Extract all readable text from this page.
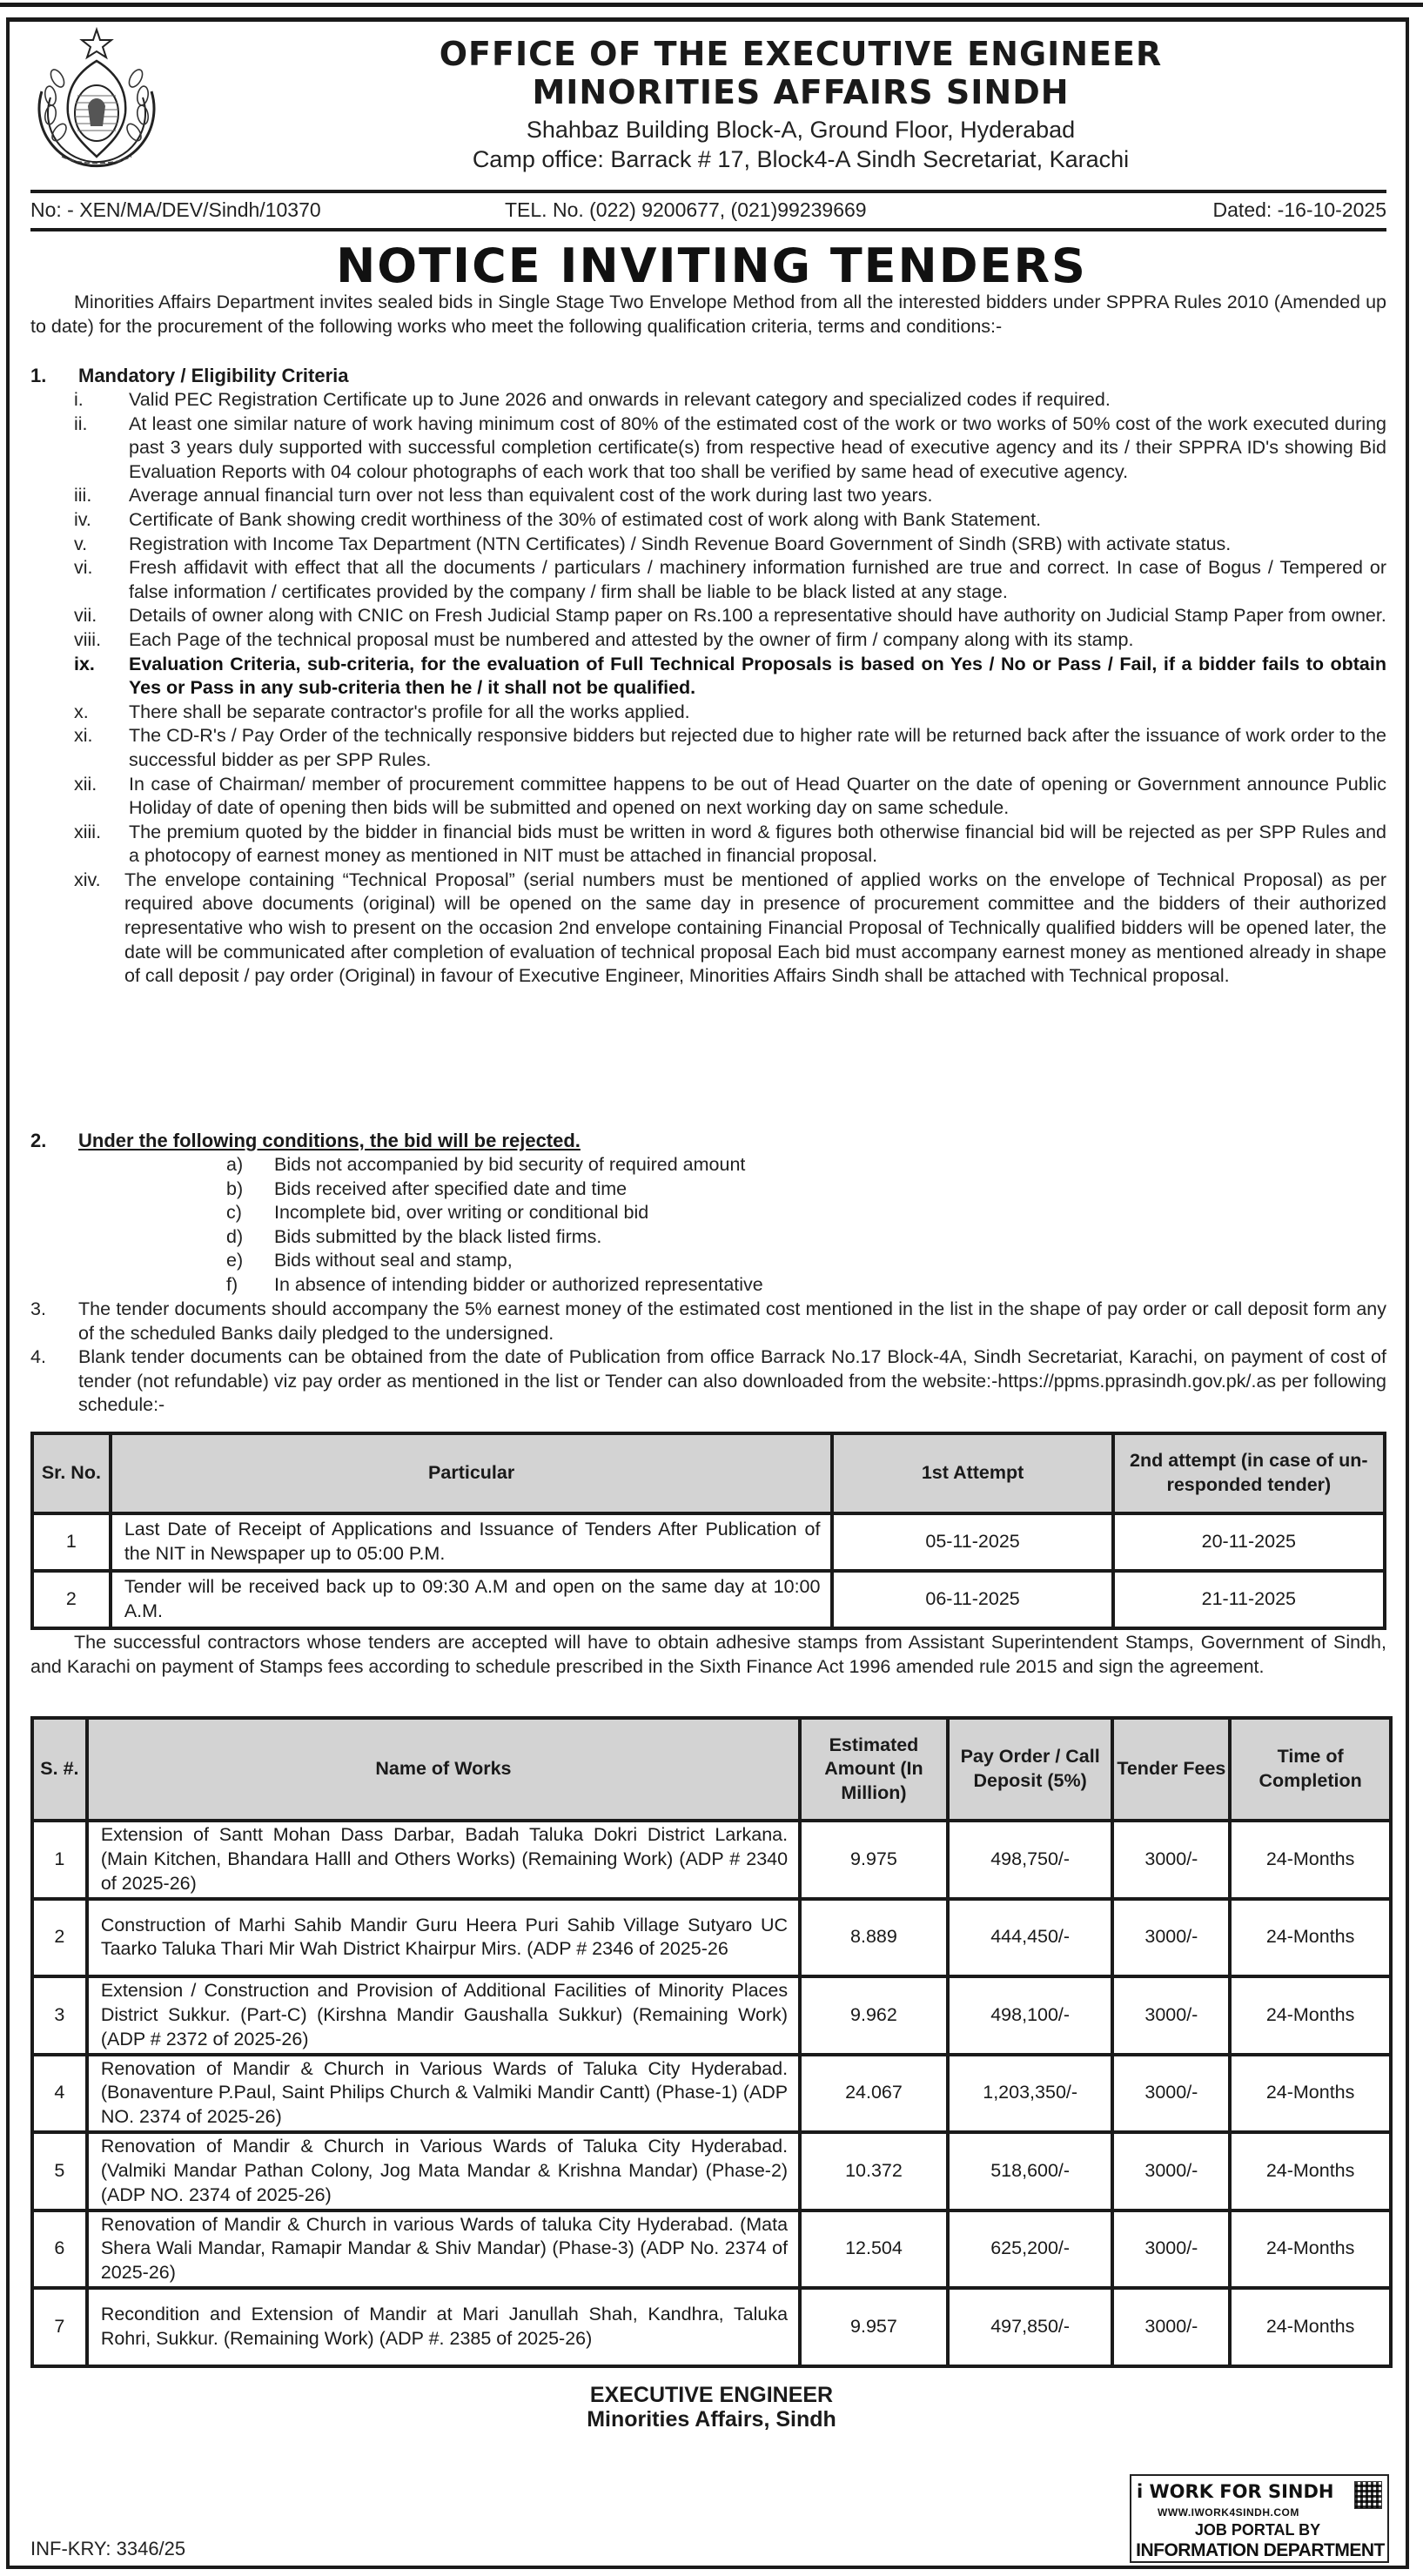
OFFICE OF THE EXECUTIVE ENGINEER
MINORITIES AFFAIRS SINDH
Shahbaz Building Block-A, Ground Floor, Hyderabad
Camp office: Barrack # 17, Block4-A Sindh Secretariat, Karachi
No: - XEN/MA/DEV/Sindh/10370	TEL. No. (022) 9200677, (021)99239669	Dated: -16-10-2025
NOTICE INVITING TENDERS
Minorities Affairs Department invites sealed bids in Single Stage Two Envelope Method from all the interested bidders under SPPRA Rules 2010 (Amended up to date) for the procurement of the following works who meet the following qualification criteria, terms and conditions:-
1. Mandatory / Eligibility Criteria
i. Valid PEC Registration Certificate up to June 2026 and onwards in relevant category and specialized codes if required.
ii. At least one similar nature of work having minimum cost of 80% of the estimated cost of the work or two works of 50% cost of the work executed during past 3 years duly supported with successful completion certificate(s) from respective head of executive agency and its / their SPPRA ID's showing Bid Evaluation Reports with 04 colour photographs of each work that too shall be verified by same head of executive agency.
iii. Average annual financial turn over not less than equivalent cost of the work during last two years.
iv. Certificate of Bank showing credit worthiness of the 30% of estimated cost of work along with Bank Statement.
v. Registration with Income Tax Department (NTN Certificates) / Sindh Revenue Board Government of Sindh (SRB) with activate status.
vi. Fresh affidavit with effect that all the documents / particulars / machinery information furnished are true and correct. In case of Bogus / Tempered or false information / certificates provided by the company / firm shall be liable to be black listed at any stage.
vii. Details of owner along with CNIC on Fresh Judicial Stamp paper on Rs.100 a representative should have authority on Judicial Stamp Paper from owner.
viii. Each Page of the technical proposal must be numbered and attested by the owner of firm / company along with its stamp.
ix. Evaluation Criteria, sub-criteria, for the evaluation of Full Technical Proposals is based on Yes / No or Pass / Fail, if a bidder fails to obtain Yes or Pass in any sub-criteria then he / it shall not be qualified.
x. There shall be separate contractor's profile for all the works applied.
xi. The CD-R's / Pay Order of the technically responsive bidders but rejected due to higher rate will be returned back after the issuance of work order to the successful bidder as per SPP Rules.
xii. In case of Chairman/ member of procurement committee happens to be out of Head Quarter on the date of opening or Government announce Public Holiday of date of opening then bids will be submitted and opened on next working day on same schedule.
xiii. The premium quoted by the bidder in financial bids must be written in word & figures both otherwise financial bid will be rejected as per SPP Rules and a photocopy of earnest money as mentioned in NIT must be attached in financial proposal.
xiv. The envelope containing “Technical Proposal” (serial numbers must be mentioned of applied works on the envelope of Technical Proposal) as per required above documents (original) will be opened on the same day in presence of procurement committee and the bidders of their authorized representative who wish to present on the occasion 2nd envelope containing Financial Proposal of Technically qualified bidders will be opened later, the date will be communicated after completion of evaluation of technical proposal Each bid must accompany earnest money as mentioned already in shape of call deposit / pay order (Original) in favour of Executive Engineer, Minorities Affairs Sindh shall be attached with Technical proposal.
2. Under the following conditions, the bid will be rejected.
a) Bids not accompanied by bid security of required amount
b) Bids received after specified date and time
c) Incomplete bid, over writing or conditional bid
d) Bids submitted by the black listed firms.
e) Bids without seal and stamp,
f) In absence of intending bidder or authorized representative
3. The tender documents should accompany the 5% earnest money of the estimated cost mentioned in the list in the shape of pay order or call deposit form any of the scheduled Banks daily pledged to the undersigned.
4. Blank tender documents can be obtained from the date of Publication from office Barrack No.17 Block-4A, Sindh Secretariat, Karachi, on payment of cost of tender (not refundable) viz pay order as mentioned in the list or Tender can also downloaded from the website:-https://ppms.pprasindh.gov.pk/.as per following schedule:-
Sr. No.	Particular	1st Attempt	2nd attempt (in case of un-responded tender)
1	Last Date of Receipt of Applications and Issuance of Tenders After Publication of the NIT in Newspaper up to 05:00 P.M.	05-11-2025	20-11-2025
2	Tender will be received back up to 09:30 A.M and open on the same day at 10:00 A.M.	06-11-2025	21-11-2025
The successful contractors whose tenders are accepted will have to obtain adhesive stamps from Assistant Superintendent Stamps, Government of Sindh, and Karachi on payment of Stamps fees according to schedule prescribed in the Sixth Finance Act 1996 amended rule 2015 and sign the agreement.
S. #.	Name of Works	Estimated Amount (In Million)	Pay Order / Call Deposit (5%)	Tender Fees	Time of Completion
1	Extension of Santt Mohan Dass Darbar, Badah Taluka Dokri District Larkana. (Main Kitchen, Bhandara Halll and Others Works) (Remaining Work) (ADP # 2340 of 2025-26)	9.975	498,750/-	3000/-	24-Months
2	Construction of Marhi Sahib Mandir Guru Heera Puri Sahib Village Sutyaro UC Taarko Taluka Thari Mir Wah District Khairpur Mirs. (ADP # 2346 of 2025-26	8.889	444,450/-	3000/-	24-Months
3	Extension / Construction and Provision of Additional Facilities of Minority Places District Sukkur. (Part-C) (Kirshna Mandir Gaushalla Sukkur) (Remaining Work) (ADP # 2372 of 2025-26)	9.962	498,100/-	3000/-	24-Months
4	Renovation of Mandir & Church in Various Wards of Taluka City Hyderabad. (Bonaventure P.Paul, Saint Philips Church & Valmiki Mandir Cantt) (Phase-1) (ADP NO. 2374 of 2025-26)	24.067	1,203,350/-	3000/-	24-Months
5	Renovation of Mandir & Church in Various Wards of Taluka City Hyderabad. (Valmiki Mandar Pathan Colony, Jog Mata Mandar & Krishna Mandar) (Phase-2) (ADP NO. 2374 of 2025-26)	10.372	518,600/-	3000/-	24-Months
6	Renovation of Mandir & Church in various Wards of taluka City Hyderabad. (Mata Shera Wali Mandar, Ramapir Mandar & Shiv Mandar) (Phase-3) (ADP No. 2374 of 2025-26)	12.504	625,200/-	3000/-	24-Months
7	Recondition and Extension of Mandir at Mari Janullah Shah, Kandhra, Taluka Rohri, Sukkur. (Remaining Work) (ADP #. 2385 of 2025-26)	9.957	497,850/-	3000/-	24-Months
EXECUTIVE ENGINEER
Minorities Affairs, Sindh
INF-KRY: 3346/25
i WORK FOR SINDH
WWW.IWORK4SINDH.COM
JOB PORTAL BY
INFORMATION DEPARTMENT
